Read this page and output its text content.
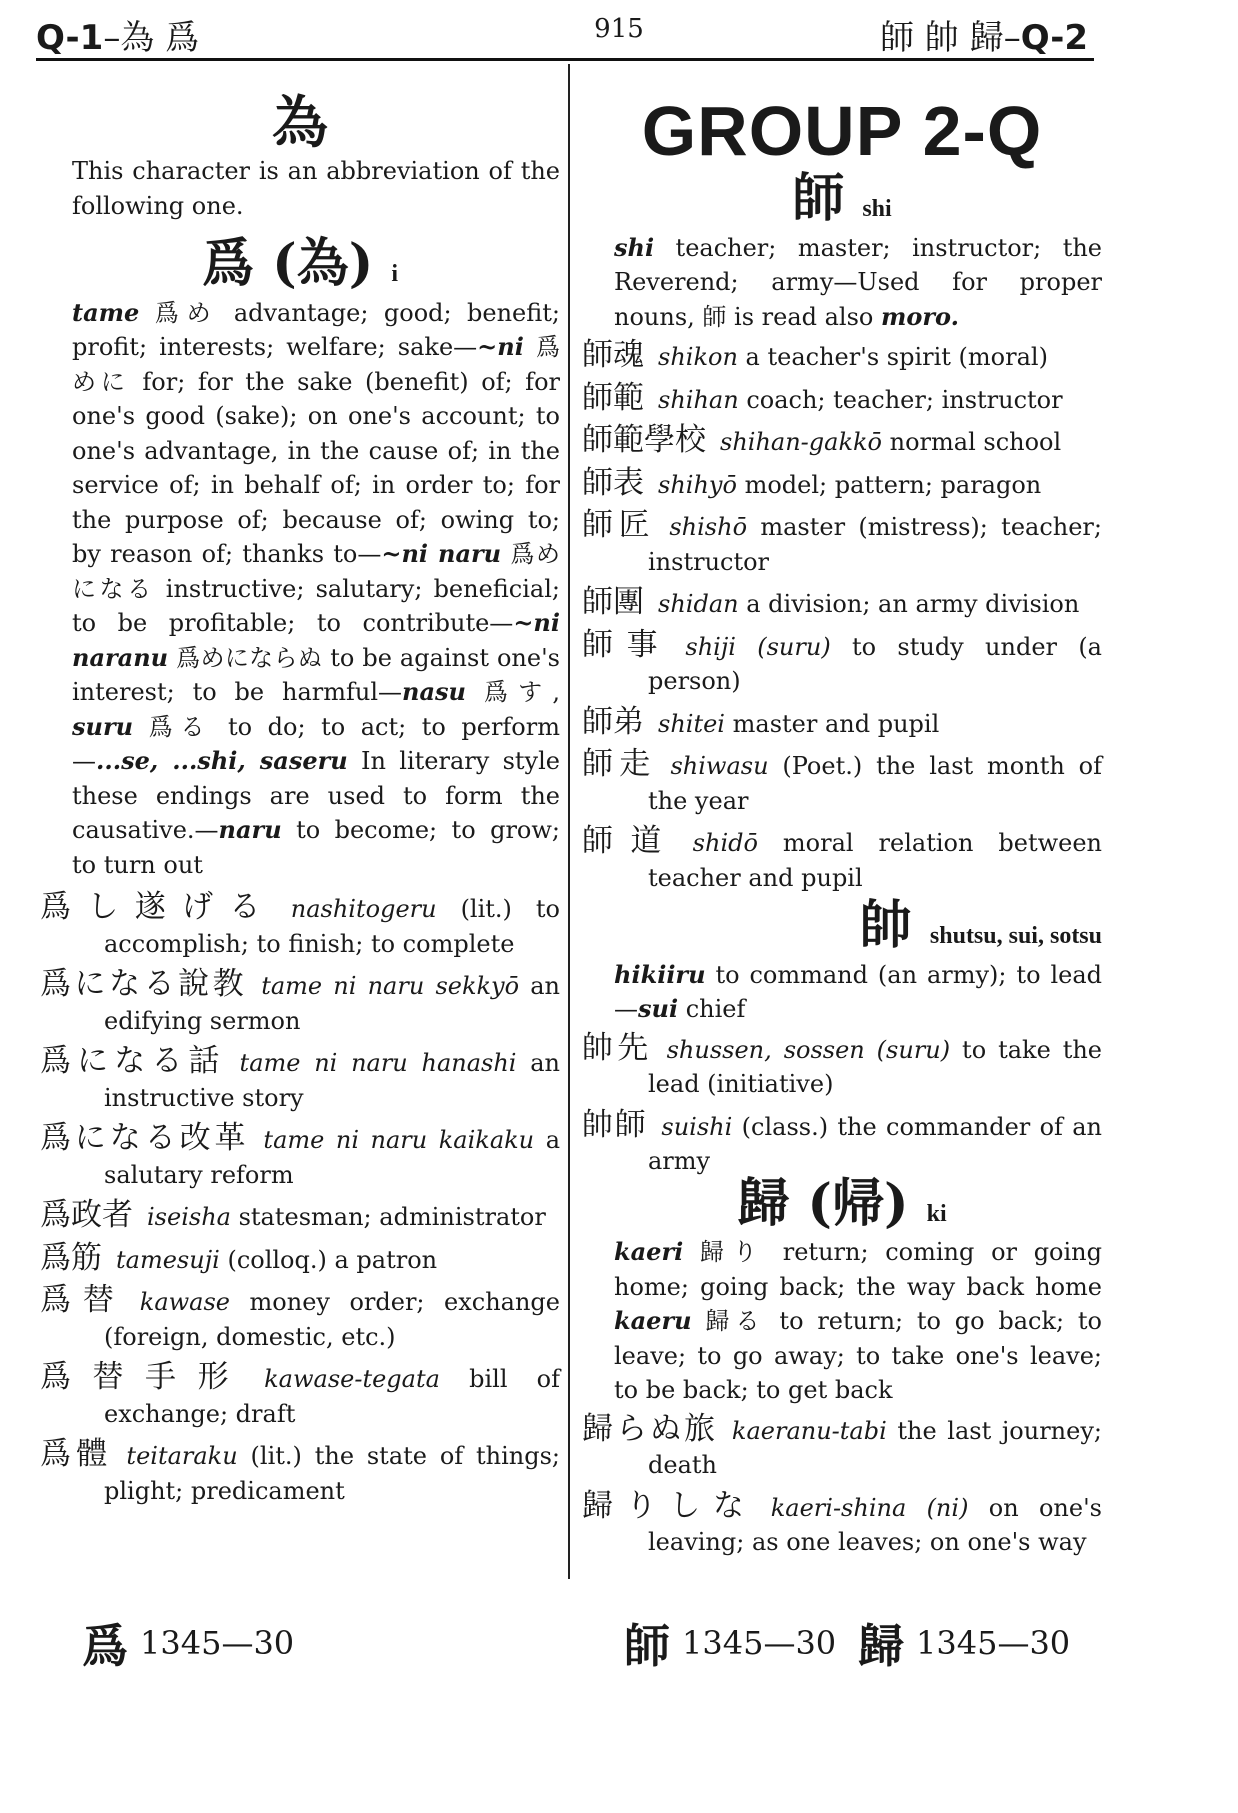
Q-1–為 爲	915	師 帥 歸–Q-2
為
This character is an abbreviation of the following one.
爲 (為) i
tame 爲め advantage; good; benefit; profit; interests; welfare; sake—~ni 爲めに for; for the sake (benefit) of; for one's good (sake); on one's account; to one's advantage, in the cause of; in the service of; in behalf of; in order to; for the purpose of; because of; owing to; by reason of; thanks to—~ni naru 爲めになる instructive; salutary; beneficial; to be profitable; to contribute—~ni naranu 爲めにならぬ to be against one's interest; to be harmful—nasu 爲す, suru 爲る to do; to act; to perform —...se, ...shi, saseru In literary style these endings are used to form the causative.—naru to become; to grow; to turn out
爲し遂げる nashitogeru (lit.) to accomplish; to finish; to complete
爲になる說教 tame ni naru sekkyō an edifying sermon
爲になる話 tame ni naru hanashi an instructive story
爲になる改革 tame ni naru kaikaku a salutary reform
爲政者 iseisha statesman; administrator
爲筋 tamesuji (colloq.) a patron
爲替 kawase money order; exchange (foreign, domestic, etc.)
爲替手形 kawase-tegata bill of exchange; draft
爲體 teitaraku (lit.) the state of things; plight; predicament
GROUP 2-Q
師 shi
shi teacher; master; instructor; the Reverend; army—Used for proper nouns, 師 is read also moro.
師魂 shikon a teacher's spirit (moral)
師範 shihan coach; teacher; instructor
師範學校 shihan-gakkō normal school
師表 shihyō model; pattern; paragon
師匠 shishō master (mistress); teacher; instructor
師團 shidan a division; an army division
師事 shiji (suru) to study under (a person)
師弟 shitei master and pupil
師走 shiwasu (Poet.) the last month of the year
師道 shidō moral relation between teacher and pupil
帥 shutsu, sui, sotsu
hikiiru to command (an army); to lead—sui chief
帥先 shussen, sossen (suru) to take the lead (initiative)
帥師 suishi (class.) the commander of an army
歸 (帰) ki
kaeri 歸り return; coming or going home; going back; the way back home kaeru 歸る to return; to go back; to leave; to go away; to take one's leave; to be back; to get back
歸らぬ旅 kaeranu-tabi the last journey; death
歸りしな kaeri-shina (ni) on one's leaving; as one leaves; on one's way
爲 1345—30	師 1345—30 歸 1345—30
